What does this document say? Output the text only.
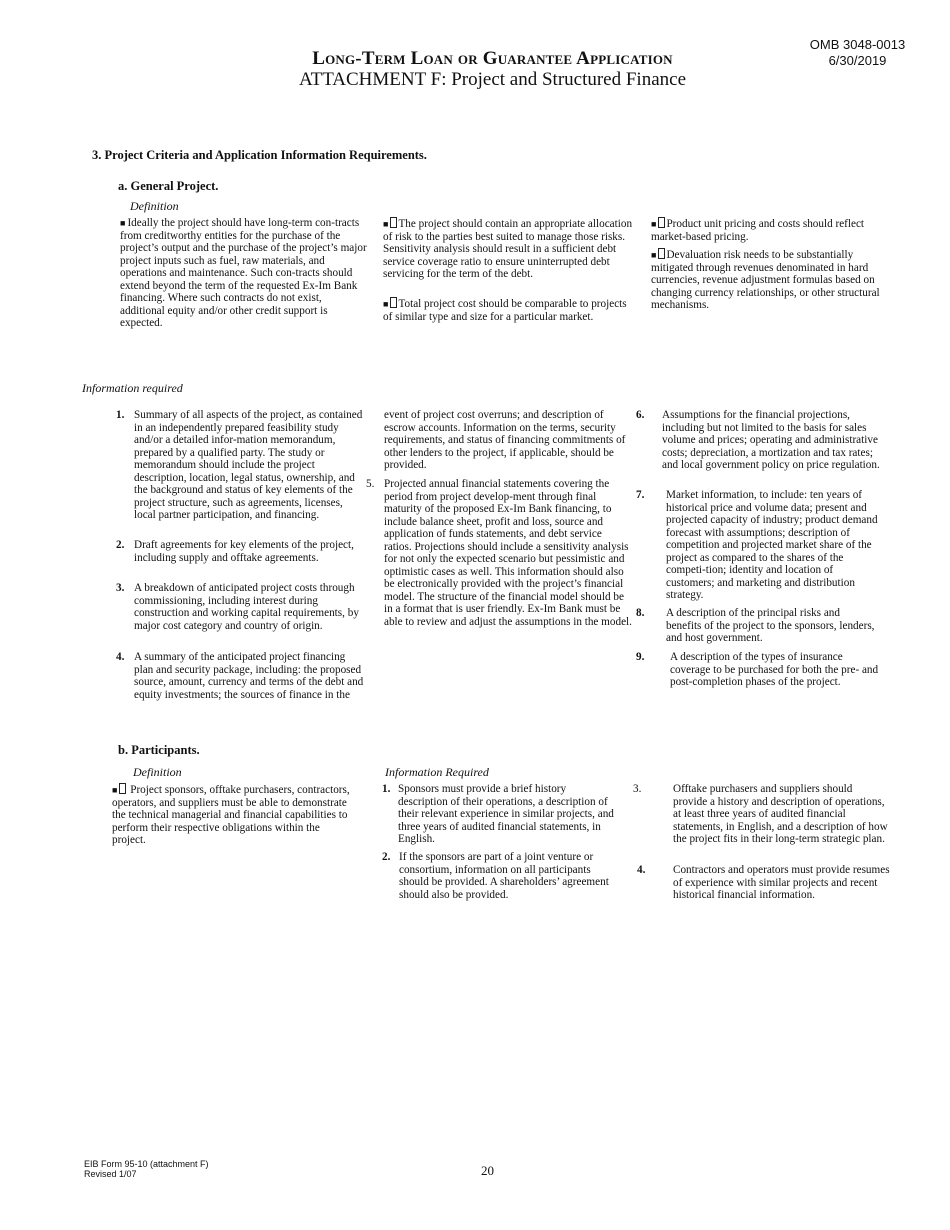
Long-Term Loan or Guarantee Application
ATTACHMENT F: Project and Structured Finance
OMB 3048-0013
6/30/2019
3. Project Criteria and Application Information Requirements.
a. General Project.
Definition
■ Ideally the project should have long-term con-tracts from creditworthy entities for the purchase of the project’s output and the purchase of the project’s major project inputs such as fuel, raw materials, and operations and maintenance. Such con-tracts should extend beyond the term of the requested Ex-Im Bank financing. Where such contracts do not exist, additional equity and/or other credit support is expected.
■ The project should contain an appropriate allocation of risk to the parties best suited to manage those risks. Sensitivity analysis should result in a sufficient debt service coverage ratio to ensure uninterrupted debt servicing for the term of the debt.
■ Total project cost should be comparable to projects of similar type and size for a particular market.
■ Product unit pricing and costs should reflect market-based pricing.
■ Devaluation risk needs to be substantially mitigated through revenues denominated in hard currencies, revenue adjustment formulas based on changing currency relationships, or other structural mechanisms.
Information required
1. Summary of all aspects of the project, as contained in an independently prepared feasibility study and/or a detailed infor-mation memorandum, prepared by a qualified party. The study or memorandum should include the project description, location, legal status, ownership, and the background and status of key elements of the project structure, such as agreements, licenses, local partner participation, and financing.
2. Draft agreements for key elements of the project, including supply and offtake agreements.
3. A breakdown of anticipated project costs through commissioning, including interest during construction and working capital requirements, by major cost category and country of origin.
4. A summary of the anticipated project financing plan and security package, including: the proposed source, amount, currency and terms of the debt and equity investments; the sources of finance in the
event of project cost overruns; and description of escrow accounts. Information on the terms, security requirements, and status of financing commitments of other lenders to the project, if applicable, should be provided.
5. Projected annual financial statements covering the period from project develop-ment through final maturity of the proposed Ex-Im Bank financing, to include balance sheet, profit and loss, source and application of funds statements, and debt service ratios. Projections should include a sensitivity analysis for not only the expected scenario but pessimistic and optimistic cases as well. This information should also be electronically provided with the project’s financial model. The structure of the financial model should be in a format that is user friendly. Ex-Im Bank must be able to review and adjust the assumptions in the model.
6.	Assumptions for the financial projections, including but not limited to the basis for sales volume and prices; operating and administrative costs; depreciation, a mortization and tax rates; and local government policy on price regulation.
7.	Market information, to include: ten years of historical price and volume data; present and projected capacity of industry; product demand forecast with assumptions; description of competition and projected market share of the project as compared to the shares of the competi-tion; identity and location of customers; and marketing and distribution strategy.
8.	A description of the principal risks and benefits of the project to the sponsors, lenders, and host government.
9.	A description of the types of insurance coverage to be purchased for both the pre- and post-completion phases of the project.
b. Participants.
Definition	Information Required
■ Project sponsors, offtake purchasers, contractors, operators, and suppliers must be able to demonstrate the technical managerial and financial capabilities to perform their respective obligations within the project.
1. Sponsors must provide a brief history description of their operations, a description of their relevant experience in similar projects, and three years of audited financial statements, in English.
2. If the sponsors are part of a joint venture or consortium, information on all participants should be provided. A shareholders’ agreement should also be provided.
3.	Offtake purchasers and suppliers should provide a history and description of operations, at least three years of audited financial statements, in English, and a description of how the project fits in their long-term strategic plan.
4.	Contractors and operators must provide resumes of experience with similar projects and recent historical financial information.
EIB Form 95-10 (attachment F)
Revised 1/07	20
